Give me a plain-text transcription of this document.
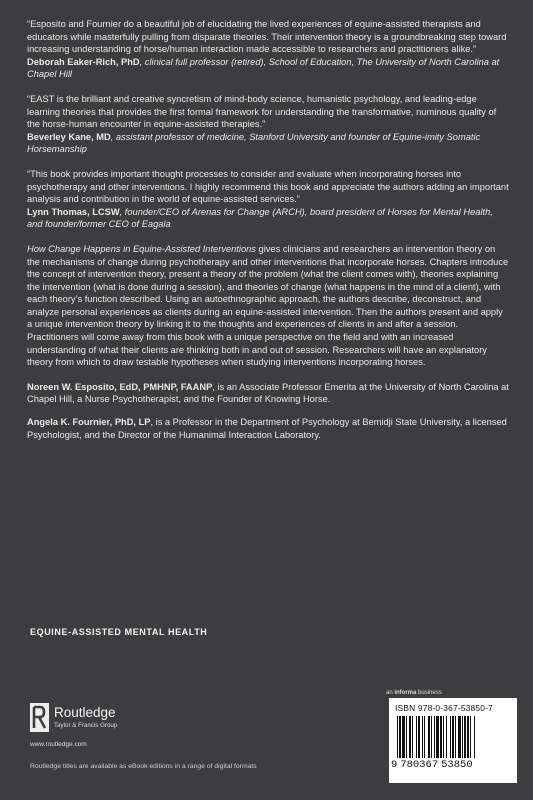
“Esposito and Fournier do a beautiful job of elucidating the lived experiences of equine-assisted therapists and educators while masterfully pulling from disparate theories. Their intervention theory is a groundbreaking step toward increasing understanding of horse/human interaction made accessible to researchers and practitioners alike.”

Deborah Eaker-Rich, PhD, clinical full professor (retired), School of Education, The University of North Carolina at Chapel Hill

“EAST is the brilliant and creative syncretism of mind-body science, humanistic psychology, and leading-edge learning theories that provides the first formal framework for understanding the transformative, numinous quality of the horse-human encounter in equine-assisted therapies.”

Beverley Kane, MD, assistant professor of medicine, Stanford University and founder of Equine-imity Somatic Horsemanship

“This book provides important thought processes to consider and evaluate when incorporating horses into psychotherapy and other interventions. I highly recommend this book and appreciate the authors adding an important analysis and contribution in the world of equine-assisted services.”

Lynn Thomas, LCSW, founder/CEO of Arenas for Change (ARCH), board president of Horses for Mental Health, and founder/former CEO of Eagala

How Change Happens in Equine-Assisted Interventions gives clinicians and researchers an intervention theory on the mechanisms of change during psychotherapy and other interventions that incorporate horses. Chapters introduce the concept of intervention theory, present a theory of the problem (what the client comes with), theories explaining the intervention (what is done during a session), and theories of change (what happens in the mind of a client), with each theory’s function described. Using an autoethnographic approach, the authors describe, deconstruct, and analyze personal experiences as clients during an equine-assisted intervention. Then the authors present and apply a unique intervention theory by linking it to the thoughts and experiences of clients in and after a session. Practitioners will come away from this book with a unique perspective on the field and with an increased understanding of what their clients are thinking both in and out of session. Researchers will have an explanatory theory from which to draw testable hypotheses when studying interventions incorporating horses.

Noreen W. Esposito, EdD, PMHNP, FAANP, is an Associate Professor Emerita at the University of North Carolina at Chapel Hill, a Nurse Psychotherapist, and the Founder of Knowing Horse.

Angela K. Fournier, PhD, LP, is a Professor in the Department of Psychology at Bemidji State University, a licensed Psychologist, and the Director of the Humanimal Interaction Laboratory.

EQUINE-ASSISTED MENTAL HEALTH
an informa business
Routledge
Taylor & Francis Group
www.routledge.com
Routledge titles are available as eBook editions in a range of digital formats
ISBN 978-0-367-53850-7
9 780367 53850
